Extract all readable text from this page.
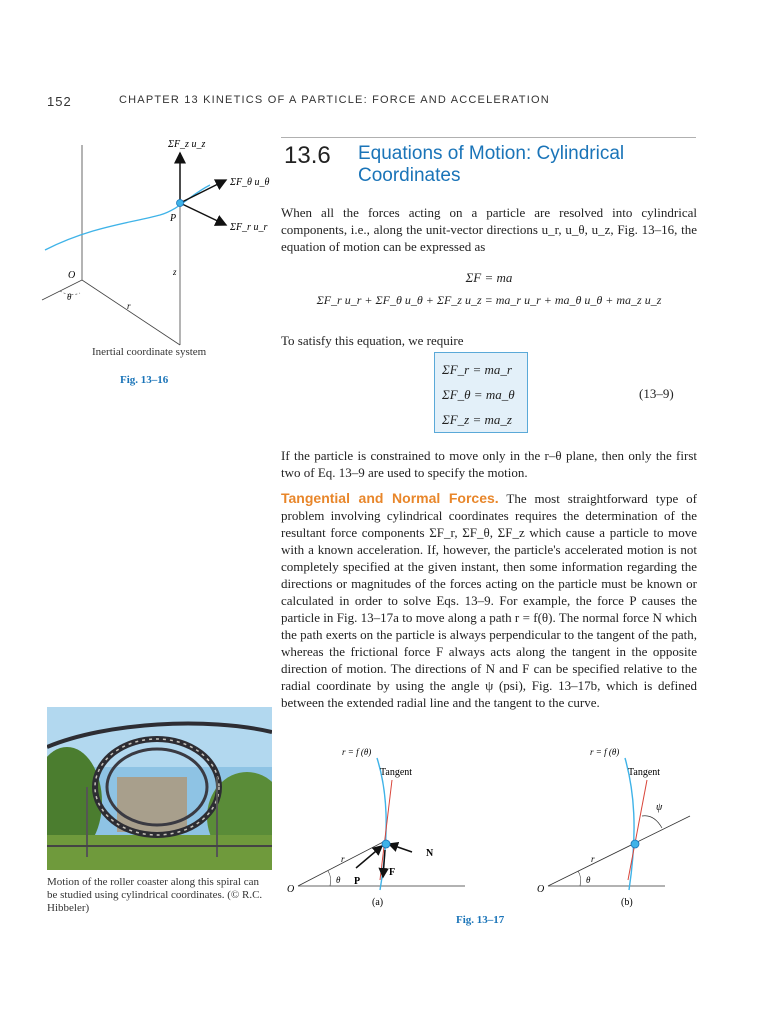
152	CHAPTER 13 KINETICS OF A PARTICLE: FORCE AND ACCELERATION
ΣF_z u_z
ΣF_θ u_θ
ΣF_r u_r
P
O
θ
r
z
Inertial coordinate system
Fig. 13–16
13.6 Equations of Motion: Cylindrical Coordinates

When all the forces acting on a particle are resolved into cylindrical components, i.e., along the unit-vector directions u_r, u_θ, u_z, Fig. 13–16, the equation of motion can be expressed as

ΣF = ma
ΣF_r u_r + ΣF_θ u_θ + ΣF_z u_z = ma_r u_r + ma_θ u_θ + ma_z u_z

To satisfy this equation, we require

ΣF_r = ma_r
ΣF_θ = ma_θ
ΣF_z = ma_z
(13–9)

If the particle is constrained to move only in the r–θ plane, then only the first two of Eq. 13–9 are used to specify the motion.

Tangential and Normal Forces. The most straightforward type of problem involving cylindrical coordinates requires the determination of the resultant force components ΣF_r, ΣF_θ, ΣF_z which cause a particle to move with a known acceleration. If, however, the particle's accelerated motion is not completely specified at the given instant, then some information regarding the directions or magnitudes of the forces acting on the particle must be known or calculated in order to solve Eqs. 13–9. For example, the force P causes the particle in Fig. 13–17a to move along a path r = f(θ). The normal force N which the path exerts on the particle is always perpendicular to the tangent of the path, whereas the frictional force F always acts along the tangent in the opposite direction of motion. The directions of N and F can be specified relative to the radial coordinate by using the angle ψ (psi), Fig. 13–17b, which is defined between the extended radial line and the tangent to the curve.

Motion of the roller coaster along this spiral can be studied using cylindrical coordinates. (© R.C. Hibbeler)
r = f (θ)
Tangent
N
P
F
r
O
θ
(a)
r = f (θ)
Tangent
ψ
r
O
θ
(b)
Fig. 13–17
